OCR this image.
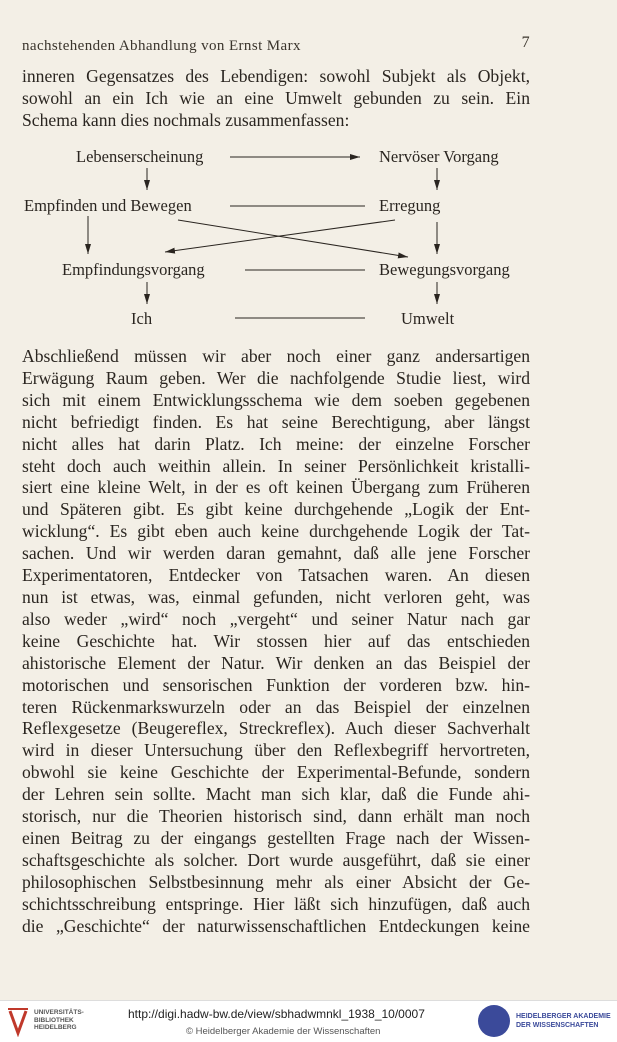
nachstehenden Abhandlung von Ernst Marx	7

inneren Gegensatzes des Lebendigen: sowohl Subjekt als Objekt,
sowohl an ein Ich wie an eine Umwelt gebunden zu sein. Ein
Schema kann dies nochmals zusammenfassen:

Lebenserscheinung	Nervöser Vorgang
Empfinden und Bewegen	Erregung
Empfindungsvorgang	Bewegungsvorgang
Ich	Umwelt

Abschließend müssen wir aber noch einer ganz andersartigen
Erwägung Raum geben. Wer die nachfolgende Studie liest, wird
sich mit einem Entwicklungsschema wie dem soeben gegebenen
nicht befriedigt finden. Es hat seine Berechtigung, aber längst
nicht alles hat darin Platz. Ich meine: der einzelne Forscher
steht doch auch weithin allein. In seiner Persönlichkeit kristalli-
siert eine kleine Welt, in der es oft keinen Übergang zum Früheren
und Späteren gibt. Es gibt keine durchgehende „Logik der Ent-
wicklung“. Es gibt eben auch keine durchgehende Logik der Tat-
sachen. Und wir werden daran gemahnt, daß alle jene Forscher
Experimentatoren, Entdecker von Tatsachen waren. An diesen
nun ist etwas, was, einmal gefunden, nicht verloren geht, was
also weder „wird“ noch „vergeht“ und seiner Natur nach gar
keine Geschichte hat. Wir stossen hier auf das entschieden
ahistorische Element der Natur. Wir denken an das Beispiel der
motorischen und sensorischen Funktion der vorderen bzw. hin-
teren Rückenmarkswurzeln oder an das Beispiel der einzelnen
Reflexgesetze (Beugereflex, Streckreflex). Auch dieser Sachverhalt
wird in dieser Untersuchung über den Reflexbegriff hervortreten,
obwohl sie keine Geschichte der Experimental-Befunde, sondern
der Lehren sein sollte. Macht man sich klar, daß die Funde ahi-
storisch, nur die Theorien historisch sind, dann erhält man noch
einen Beitrag zu der eingangs gestellten Frage nach der Wissen-
schaftsgeschichte als solcher. Dort wurde ausgeführt, daß sie einer
philosophischen Selbstbesinnung mehr als einer Absicht der Ge-
schichtsschreibung entspringe. Hier läßt sich hinzufügen, daß auch
die „Geschichte“ der naturwissenschaftlichen Entdeckungen keine

UNIVERSITÄTS-
BIBLIOTHEK
HEIDELBERG
http://digi.hadw-bw.de/view/sbhadwmnkl_1938_10/0007
© Heidelberger Akademie der Wissenschaften
HEIDELBERGER AKADEMIE
DER WISSENSCHAFTEN
